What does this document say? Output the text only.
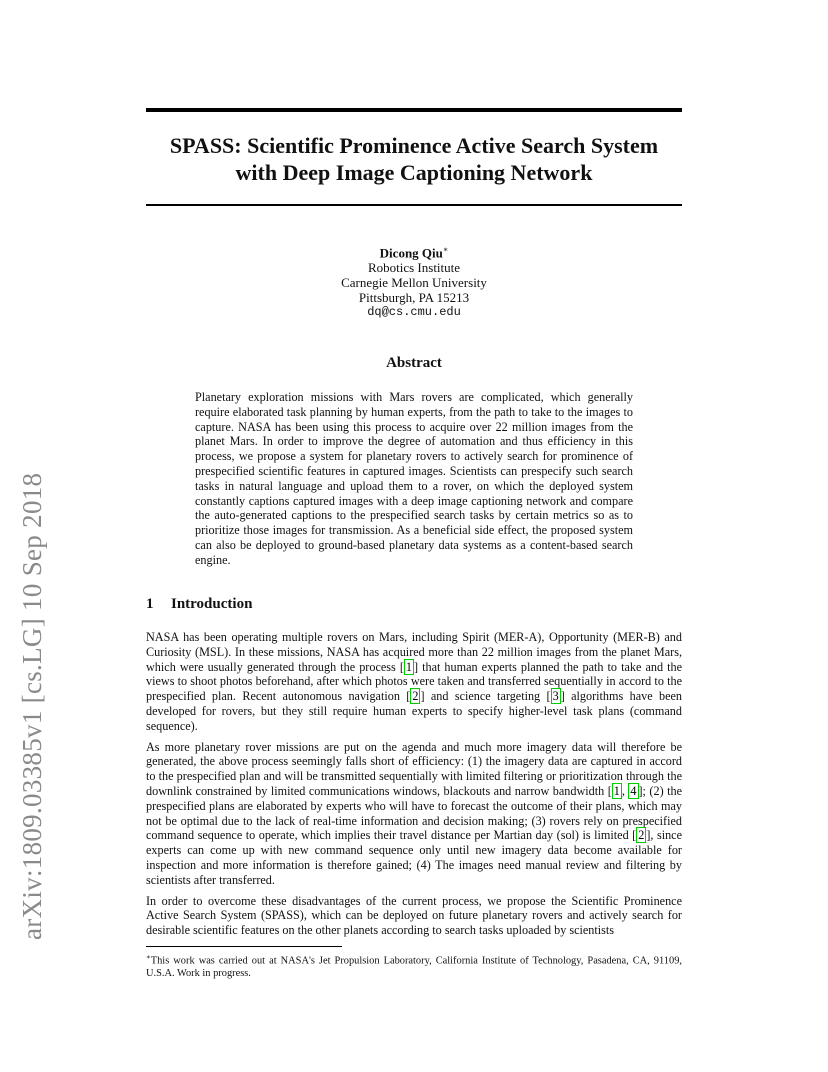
arXiv:1809.03385v1 [cs.LG] 10 Sep 2018
SPASS: Scientific Prominence Active Search System
with Deep Image Captioning Network
Dicong Qiu∗
Robotics Institute
Carnegie Mellon University
Pittsburgh, PA 15213
dq@cs.cmu.edu
Abstract

Planetary exploration missions with Mars rovers are complicated, which generally require elaborated task planning by human experts, from the path to take to the images to capture. NASA has been using this process to acquire over 22 million images from the planet Mars. In order to improve the degree of automation and thus efficiency in this process, we propose a system for planetary rovers to actively search for prominence of prespecified scientific features in captured images. Scientists can prespecify such search tasks in natural language and upload them to a rover, on which the deployed system constantly captions captured images with a deep image captioning network and compare the auto-generated captions to the prespecified search tasks by certain metrics so as to prioritize those images for transmission. As a beneficial side effect, the proposed system can also be deployed to ground-based planetary data systems as a content-based search engine.

1 Introduction

NASA has been operating multiple rovers on Mars, including Spirit (MER-A), Opportunity (MER-B) and Curiosity (MSL). In these missions, NASA has acquired more than 22 million images from the planet Mars, which were usually generated through the process [ 1 ] that human experts planned the path to take and the views to shoot photos beforehand, after which photos were taken and transferred sequentially in accord to the prespecified plan. Recent autonomous navigation [ 2 ] and science targeting [ 3 ] algorithms have been developed for rovers, but they still require human experts to specify higher-level task plans (command sequence).

As more planetary rover missions are put on the agenda and much more imagery data will therefore be generated, the above process seemingly falls short of efficiency: (1) the imagery data are captured in accord to the prespecified plan and will be transmitted sequentially with limited filtering or prioritization through the downlink constrained by limited communications windows, blackouts and narrow bandwidth [ 1 , 4 ]; (2) the prespecified plans are elaborated by experts who will have to forecast the outcome of their plans, which may not be optimal due to the lack of real-time information and decision making; (3) rovers rely on prespecified command sequence to operate, which implies their travel distance per Martian day (sol) is limited [ 2 ], since experts can come up with new command sequence only until new imagery data become available for inspection and more information is therefore gained; (4) The images need manual review and filtering by scientists after transferred.

In order to overcome these disadvantages of the current process, we propose the Scientific Prominence Active Search System (SPASS), which can be deployed on future planetary rovers and actively search for desirable scientific features on the other planets according to search tasks uploaded by scientists

∗This work was carried out at NASA's Jet Propulsion Laboratory, California Institute of Technology, Pasadena, CA, 91109, U.S.A. Work in progress.
